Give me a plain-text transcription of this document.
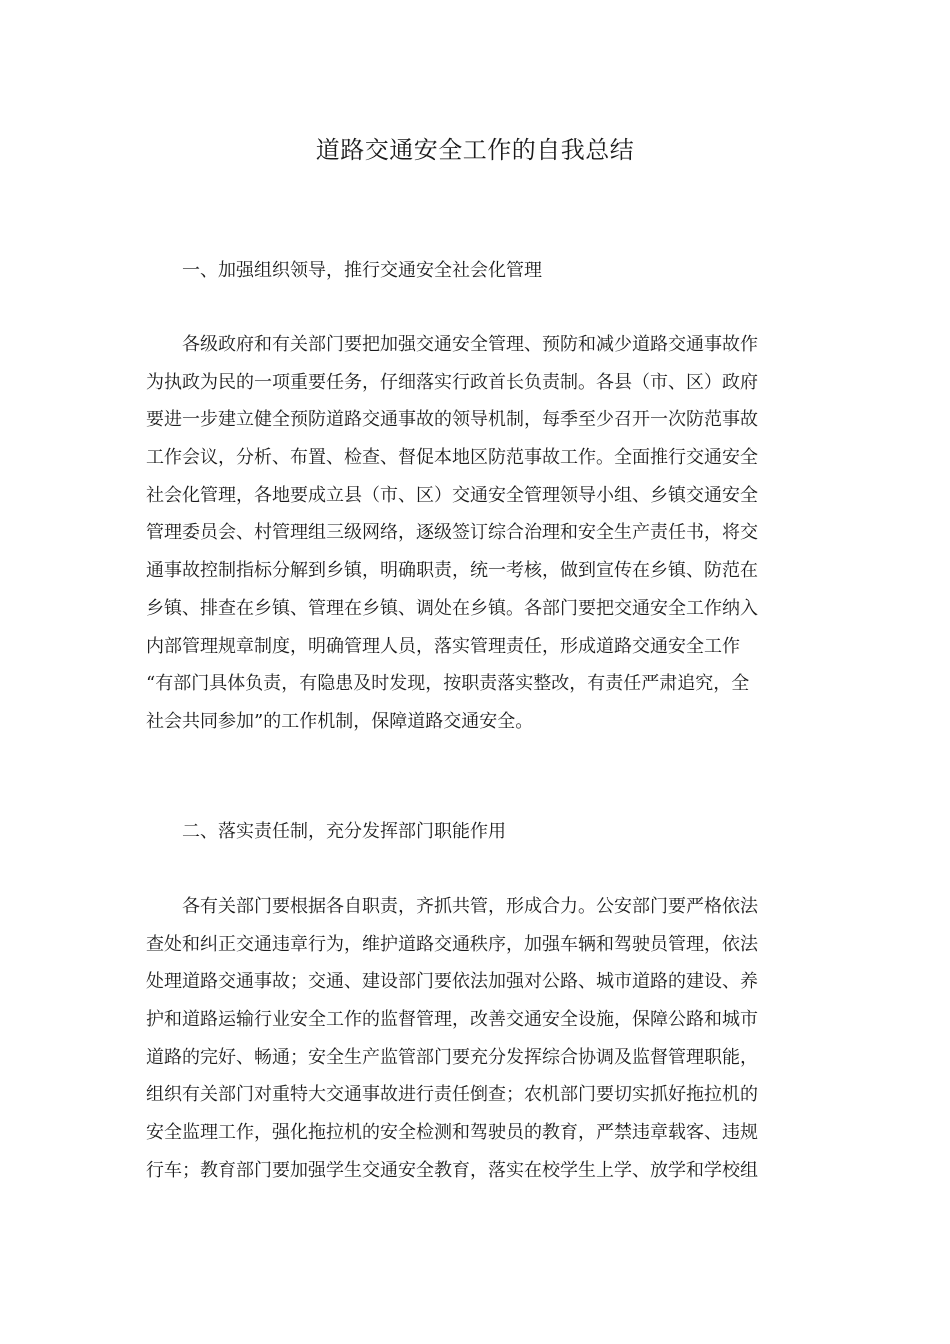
道路交通安全工作的自我总结
一、加强组织领导，推行交通安全社会化管理
各级政府和有关部门要把加强交通安全管理、预防和减少道路交通事故作
为执政为民的一项重要任务，仔细落实行政首长负责制。各县（市、区）政府
要进一步建立健全预防道路交通事故的领导机制，每季至少召开一次防范事故
工作会议，分析、布置、检查、督促本地区防范事故工作。全面推行交通安全
社会化管理，各地要成立县（市、区）交通安全管理领导小组、乡镇交通安全
管理委员会、村管理组三级网络，逐级签订综合治理和安全生产责任书，将交
通事故控制指标分解到乡镇，明确职责，统一考核，做到宣传在乡镇、防范在
乡镇、排查在乡镇、管理在乡镇、调处在乡镇。各部门要把交通安全工作纳入
内部管理规章制度，明确管理人员，落实管理责任，形成道路交通安全工作
“有部门具体负责，有隐患及时发现，按职责落实整改，有责任严肃追究，全
社会共同参加”的工作机制，保障道路交通安全。
二、落实责任制，充分发挥部门职能作用
各有关部门要根据各自职责，齐抓共管，形成合力。公安部门要严格依法
查处和纠正交通违章行为，维护道路交通秩序，加强车辆和驾驶员管理，依法
处理道路交通事故；交通、建设部门要依法加强对公路、城市道路的建设、养
护和道路运输行业安全工作的监督管理，改善交通安全设施，保障公路和城市
道路的完好、畅通；安全生产监管部门要充分发挥综合协调及监督管理职能，
组织有关部门对重特大交通事故进行责任倒查；农机部门要切实抓好拖拉机的
安全监理工作，强化拖拉机的安全检测和驾驶员的教育，严禁违章载客、违规
行车；教育部门要加强学生交通安全教育，落实在校学生上学、放学和学校组
